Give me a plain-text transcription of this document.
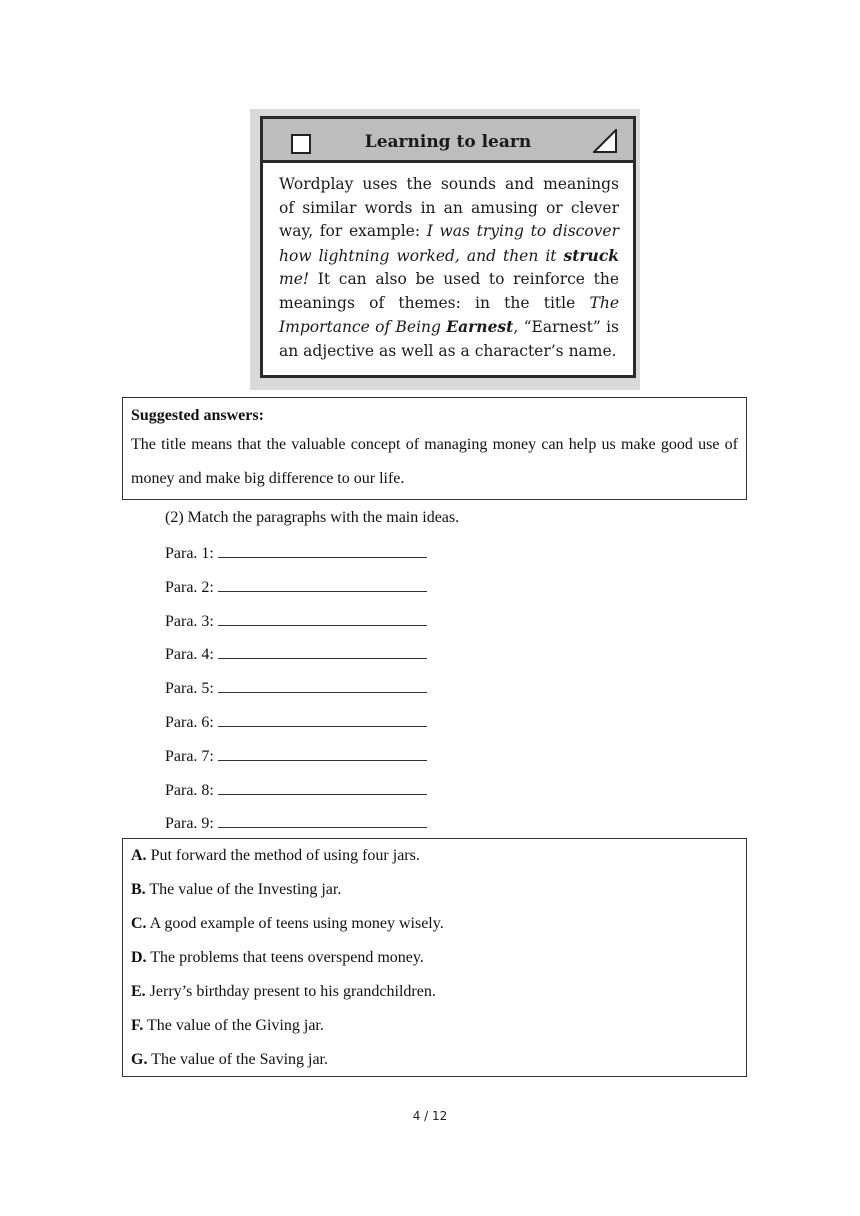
Learning to learn
Wordplay uses the sounds and meanings
of similar words in an amusing or clever
way, for example: I was trying to discover
how lightning worked, and then it struck
me! It can also be used to reinforce the
meanings of themes: in the title The
Importance of Being Earnest, “Earnest” is
an adjective as well as a character’s name.
Suggested answers:
The title means that the valuable concept of managing money can help us make good use of money and make big difference to our life.
(2) Match the paragraphs with the main ideas.
Para. 1:
Para. 2:
Para. 3:
Para. 4:
Para. 5:
Para. 6:
Para. 7:
Para. 8:
Para. 9:
A. Put forward the method of using four jars.
B. The value of the Investing jar.
C. A good example of teens using money wisely.
D. The problems that teens overspend money.
E. Jerry’s birthday present to his grandchildren.
F. The value of the Giving jar.
G. The value of the Saving jar.
4 / 12
